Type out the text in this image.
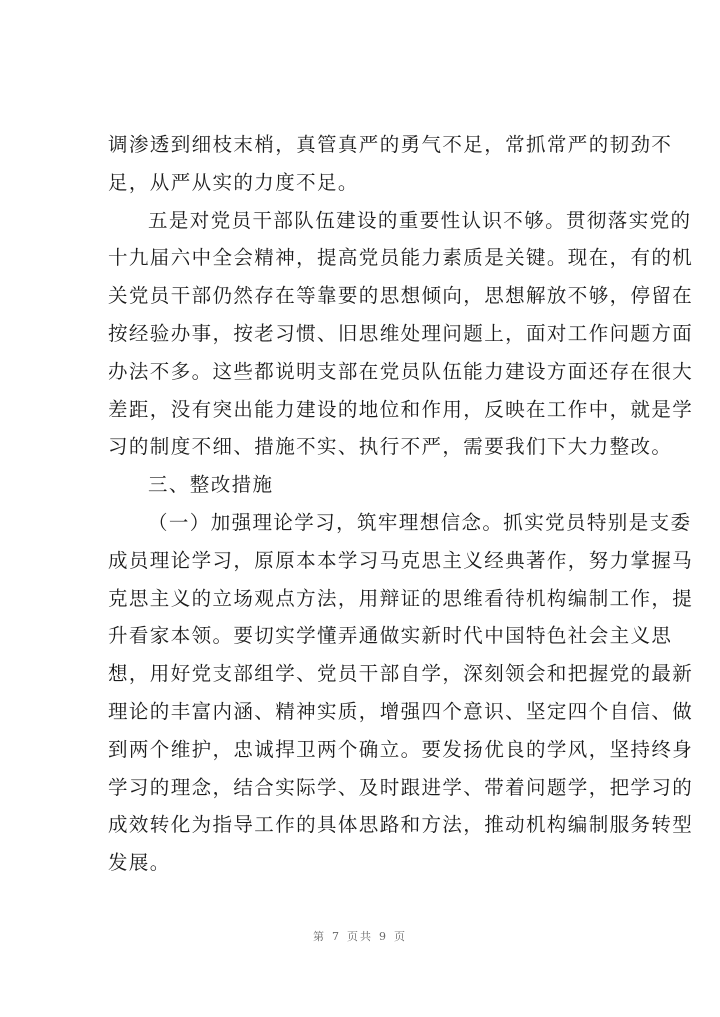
调渗透到细枝末梢，真管真严的勇气不足，常抓常严的韧劲不
足，从严从实的力度不足。
五是对党员干部队伍建设的重要性认识不够。贯彻落实党的
十九届六中全会精神，提高党员能力素质是关键。现在，有的机
关党员干部仍然存在等靠要的思想倾向，思想解放不够，停留在
按经验办事，按老习惯、旧思维处理问题上，面对工作问题方面
办法不多。这些都说明支部在党员队伍能力建设方面还存在很大
差距，没有突出能力建设的地位和作用，反映在工作中，就是学
习的制度不细、措施不实、执行不严，需要我们下大力整改。
三、整改措施
（一）加强理论学习，筑牢理想信念。抓实党员特别是支委
成员理论学习，原原本本学习马克思主义经典著作，努力掌握马
克思主义的立场观点方法，用辩证的思维看待机构编制工作，提
升看家本领。要切实学懂弄通做实新时代中国特色社会主义思
想，用好党支部组学、党员干部自学，深刻领会和把握党的最新
理论的丰富内涵、精神实质，增强四个意识、坚定四个自信、做
到两个维护，忠诚捍卫两个确立。要发扬优良的学风，坚持终身
学习的理念，结合实际学、及时跟进学、带着问题学，把学习的
成效转化为指导工作的具体思路和方法，推动机构编制服务转型
发展。
第 7 页共 9 页
